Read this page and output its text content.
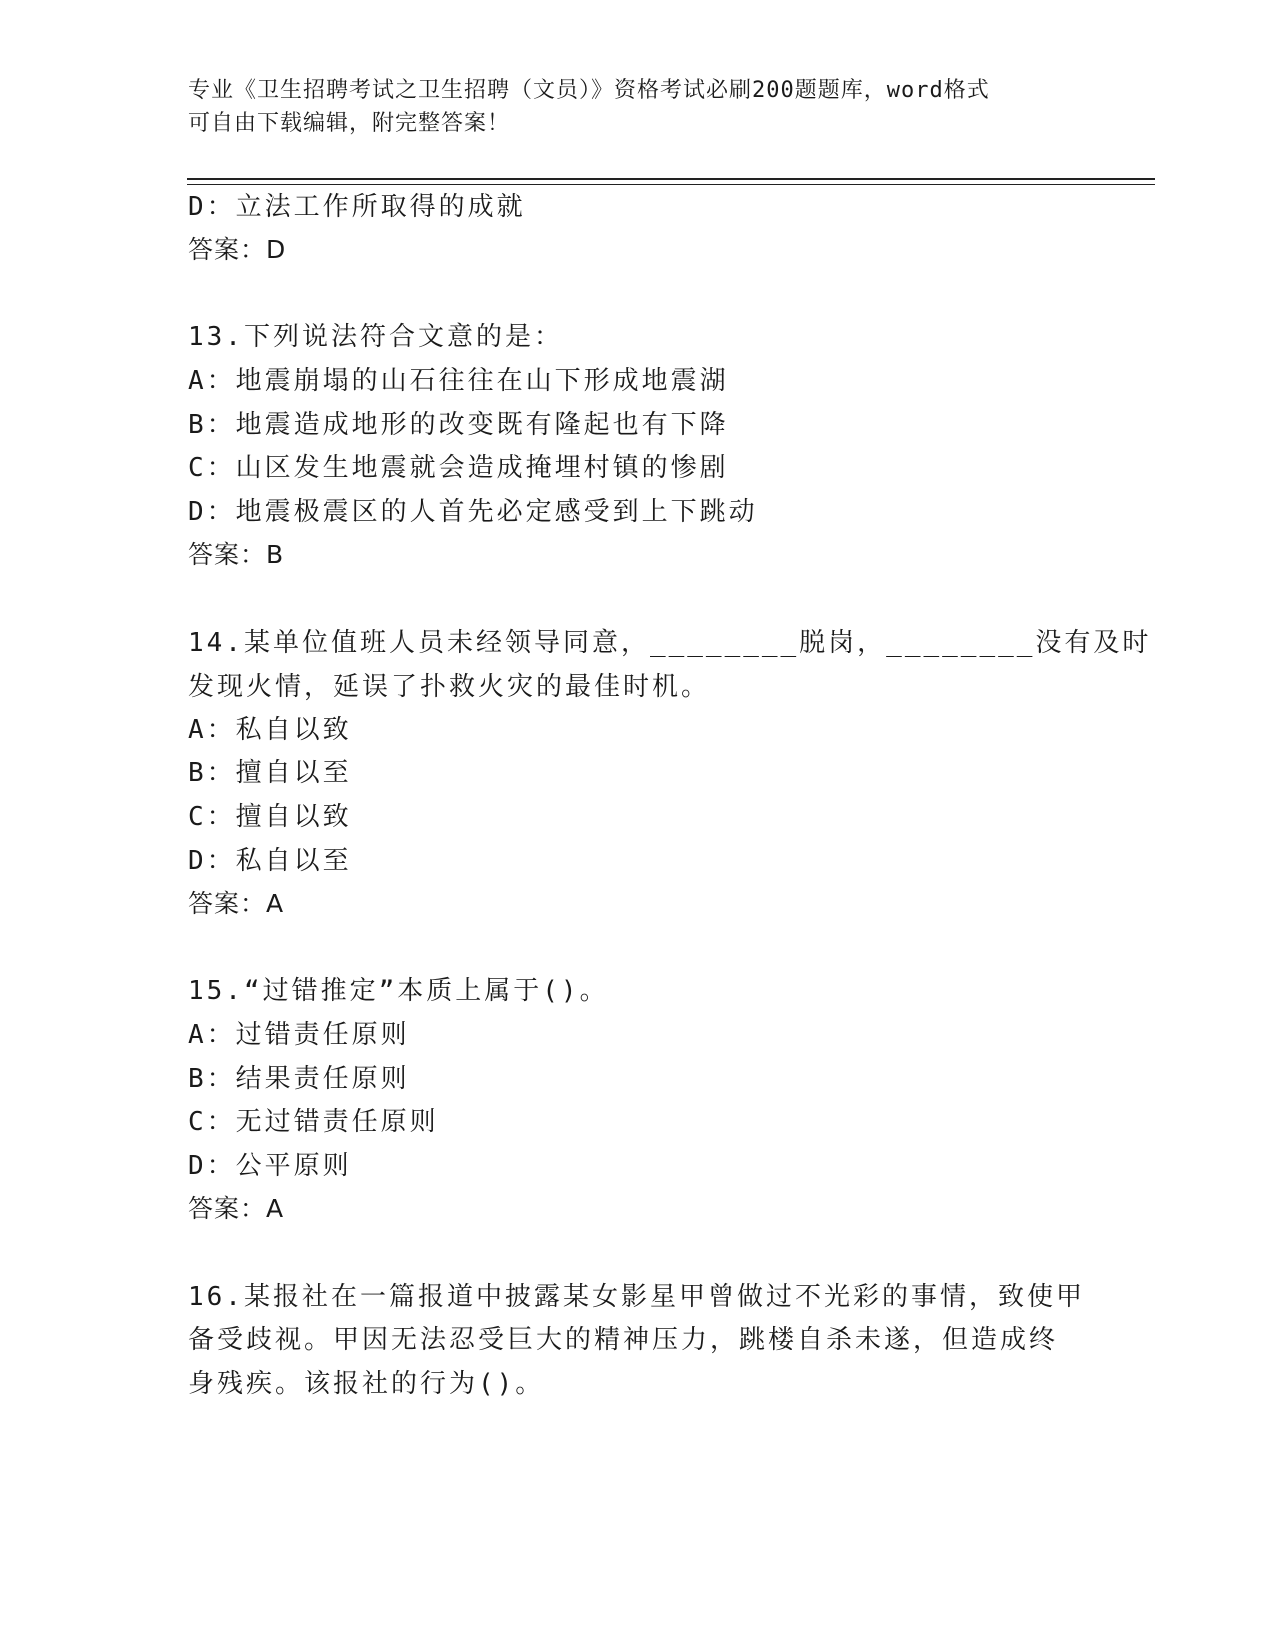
专业《卫生招聘考试之卫生招聘（文员）》资格考试必刷200题题库，word格式
可自由下载编辑，附完整答案！
D：立法工作所取得的成就
答案：D
13.下列说法符合文意的是：
A：地震崩塌的山石往往在山下形成地震湖
B：地震造成地形的改变既有隆起也有下降
C：山区发生地震就会造成掩埋村镇的惨剧
D：地震极震区的人首先必定感受到上下跳动
答案：B
14.某单位值班人员未经领导同意，________脱岗，________没有及时
发现火情，延误了扑救火灾的最佳时机。
A：私自以致
B：擅自以至
C：擅自以致
D：私自以至
答案：A
15.“过错推定”本质上属于()。
A：过错责任原则
B：结果责任原则
C：无过错责任原则
D：公平原则
答案：A
16.某报社在一篇报道中披露某女影星甲曾做过不光彩的事情，致使甲
备受歧视。甲因无法忍受巨大的精神压力，跳楼自杀未遂，但造成终
身残疾。该报社的行为()。
